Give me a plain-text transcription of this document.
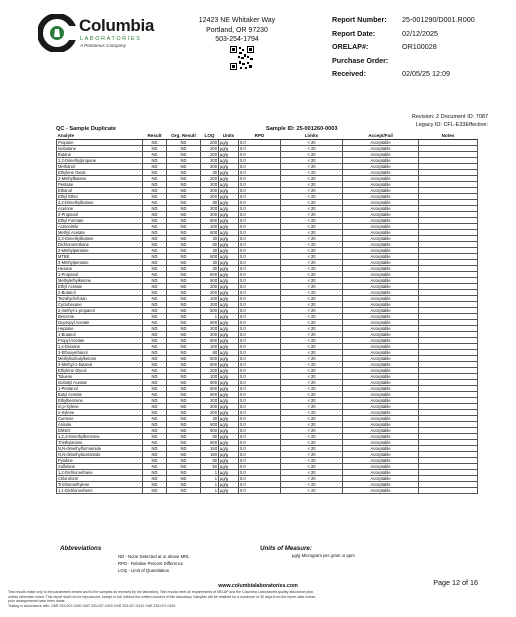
Columbia
LABORATORIES
A Pentamus Company
12423 NE Whitaker Way
Portland, OR 97230
503-254-1794
Report Number: 25-001290/D001.R000
Report Date:	02/12/2025
ORELAP#:	OR100028
Purchase Order:
Received:	02/05/25 12:09
Revision: 2 Document ID: 7087
Legacy ID: CFL-E33Effective:
QC - Sample Duplicate	Sample ID: 25-001260-0003
Analyte	Result	Org. Result	LOQ	Units	RPD	Limits	Accept/Fail	Notes
Propane	ND	ND	200	µg/g	0.0	< 20	Acceptable	
Isobutane	ND	ND	200	µg/g	0.0	< 20	Acceptable	
Butane	ND	ND	200	µg/g	0.0	< 20	Acceptable	
2,2-Dimethylpropane	ND	ND	200	µg/g	0.0	< 20	Acceptable	
Methanol	ND	ND	200	µg/g	0.0	< 20	Acceptable	
Ethylene Oxide	ND	ND	30	µg/g	0.0	< 20	Acceptable	
2-Methylbutane	ND	ND	200	µg/g	0.0	< 20	Acceptable	
Pentane	ND	ND	200	µg/g	0.0	< 20	Acceptable	
Ethanol	ND	ND	200	µg/g	0.0	< 20	Acceptable	
Ethyl Ether	ND	ND	200	µg/g	0.0	< 20	Acceptable	
2,2-Dimethylbutane	ND	ND	80	µg/g	0.0	< 20	Acceptable	
Acetone	ND	ND	200	µg/g	0.0	< 20	Acceptable	
2-Propanol	ND	ND	200	µg/g	0.0	< 20	Acceptable	
Ethyl Formate	ND	ND	500	µg/g	0.0	< 20	Acceptable	
Acetonitrile	ND	ND	100	µg/g	0.0	< 20	Acceptable	
Methyl Acetate	ND	ND	500	µg/g	0.0	< 20	Acceptable	
2,3-Dimethylbutane	ND	ND	30	µg/g	0.0	< 20	Acceptable	
Dichloromethane	ND	ND	60	µg/g	0.0	< 20	Acceptable	
2-Methylpentane	ND	ND	30	µg/g	0.0	< 20	Acceptable	
MTBE	ND	ND	500	µg/g	0.0	< 20	Acceptable	
3-Methylpentane	ND	ND	30	µg/g	0.0	< 20	Acceptable	
Hexane	ND	ND	30	µg/g	0.0	< 20	Acceptable	
1-Propanol	ND	ND	500	µg/g	0.0	< 20	Acceptable	
Methylethylketone	ND	ND	500	µg/g	0.0	< 20	Acceptable	
Ethyl Acetate	ND	ND	200	µg/g	0.0	< 20	Acceptable	
2-Butanol	ND	ND	200	µg/g	0.0	< 20	Acceptable	
Tetrahydrofuran	ND	ND	100	µg/g	0.0	< 20	Acceptable	
Cyclohexane	ND	ND	200	µg/g	0.0	< 20	Acceptable	
2-methyl-1-propanol	ND	ND	500	µg/g	0.0	< 20	Acceptable	
Benzene	ND	ND	1	µg/g	0.0	< 20	Acceptable	
Isopropyl Acetate	ND	ND	500	µg/g	0.0	< 20	Acceptable	
Heptane	ND	ND	200	µg/g	0.0	< 20	Acceptable	
1-Butanol	ND	ND	200	µg/g	0.0	< 20	Acceptable	
Propyl Acetate	ND	ND	500	µg/g	0.0	< 20	Acceptable	
1,4-Dioxane	ND	ND	100	µg/g	0.0	< 20	Acceptable	
2-Ethoxyethanol	ND	ND	80	µg/g	0.0	< 20	Acceptable	
Methylisobutylketone	ND	ND	500	µg/g	0.0	< 20	Acceptable	
3-Methyl-1-butanol	ND	ND	500	µg/g	0.0	< 20	Acceptable	
Ethylene Glycol	ND	ND	200	µg/g	0.0	< 20	Acceptable	
Toluene	ND	ND	100	µg/g	0.0	< 20	Acceptable	
Isobutyl Acetate	ND	ND	500	µg/g	0.0	< 20	Acceptable	
1-Pentanol	ND	ND	500	µg/g	0.0	< 20	Acceptable	
Butyl Acetate	ND	ND	500	µg/g	0.0	< 20	Acceptable	
Ethylbenzene	ND	ND	200	µg/g	0.0	< 20	Acceptable	
m,p-Xylene	ND	ND	200	µg/g	0.0	< 20	Acceptable	
o-Xylene	ND	ND	200	µg/g	0.0	< 20	Acceptable	
Cumene	ND	ND	30	µg/g	0.0	< 20	Acceptable	
Anisole	ND	ND	500	µg/g	0.0	< 20	Acceptable	
DMSO	ND	ND	500	µg/g	0.0	< 20	Acceptable	
1,2,4-trimethylbenzene	ND	ND	50	µg/g	0.0	< 20	Acceptable	
Triethylamine	ND	ND	500	µg/g	0.0	< 20	Acceptable	
N,N-dimethylformamide	ND	ND	150	µg/g	0.0	< 20	Acceptable	
N,N-dimethylacetamide	ND	ND	150	µg/g	0.0	< 20	Acceptable	
Pyridine	ND	ND	50	µg/g	0.0	< 20	Acceptable	
Sulfolane	ND	ND	50	µg/g	0.0	< 20	Acceptable	
1,2-Dichloroethane	ND	ND	1	µg/g	0.0	< 20	Acceptable	
Chloroform	ND	ND	1	µg/g	0.0	< 20	Acceptable	
Trichloroethylene	ND	ND	1	µg/g	0.0	< 20	Acceptable	
1,1-Dichloroethene	ND	ND	1	µg/g	0.0	< 20	Acceptable	
Abbreviations
ND - None Detected at or above MRL
RPD - Relative Percent Difference
LOQ - Limit of Quantitation
Units of Measure:
µg/g Microgram per gram or ppm
Page 12 of 16
www.columbialaboratories.com
Test results relate only to the parameters tested and to the samples as received by the laboratory. Test results meet all requirements of NELAP and the Columbia Laboratories quality assurance plan,
unless otherwise noted. This report shall not be reproduced, except in full, without the written consent of this laboratory. Samples will be retained for a maximum of 30 days from the report date unless
prior arrangements have been made.
Testing in accordance with: OAR 333-007-0300 OAR 333-007-0400 OAR 333-007-0410 OAR 333-007-0430
